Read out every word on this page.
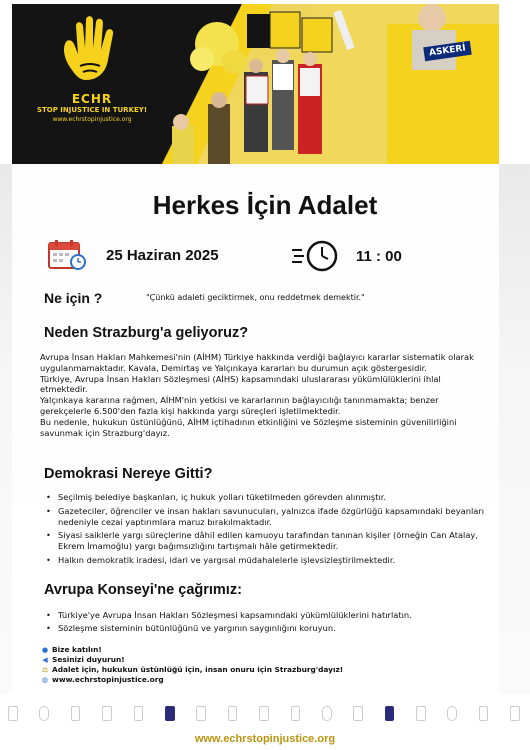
ECHR
STOP INJUSTICE IN TURKEY!
www.echrstopinjustice.org
ASKERİ
Herkes İçin Adalet
25 Haziran 2025	11 : 00
Ne için ?	"Çünkü adaleti geciktirmek, onu reddetmek demektir."
Neden Strazburg'a geliyoruz?

Avrupa İnsan Hakları Mahkemesi'nin (AİHM) Türkiye hakkında verdiği bağlayıcı kararlar sistematik olarak uygulanmamaktadır. Kavala, Demirtaş ve Yalçınkaya kararları bu durumun açık göstergesidir.

Türkiye, Avrupa İnsan Hakları Sözleşmesi (AİHS) kapsamındaki uluslararası yükümlülüklerini ihlal etmektedir.

Yalçınkaya kararına rağmen, AİHM'nin yetkisi ve kararlarının bağlayıcılığı tanınmamakta; benzer gerekçelerle 6.500'den fazla kişi hakkında yargı süreçleri işletilmektedir.

Bu nedenle, hukukun üstünlüğünü, AİHM içtihadının etkinliğini ve Sözleşme sisteminin güvenilirliğini savunmak için Strazburg'dayız.

Demokrasi Nereye Gitti?
• Seçilmiş belediye başkanları, iç hukuk yolları tüketilmeden görevden alınmıştır.
• Gazeteciler, öğrenciler ve insan hakları savunucuları, yalnızca ifade özgürlüğü kapsamındaki beyanları nedeniyle cezai yaptırımlara maruz bırakılmaktadır.
• Siyasi saiklerle yargı süreçlerine dâhil edilen kamuoyu tarafından tanınan kişiler (örneğin Can Atalay, Ekrem İmamoğlu) yargı bağımsızlığını tartışmalı hâle getirmektedir.
• Halkın demokratik iradesi, idari ve yargısal müdahalelerle işlevsizleştirilmektedir.
Avrupa Konseyi'ne çağrımız:
• Türkiye'ye Avrupa İnsan Hakları Sözleşmesi kapsamındaki yükümlülüklerini hatırlatın.
• Sözleşme sisteminin bütünlüğünü ve yargının saygınlığını koruyun.
● Bize katılın!
◀ Sesinizi duyurun!
⚖ Adalet için, hukukun üstünlüğü için, insan onuru için Strazburg'dayız!
◍ www.echrstopinjustice.org

www.echrstopinjustice.org
